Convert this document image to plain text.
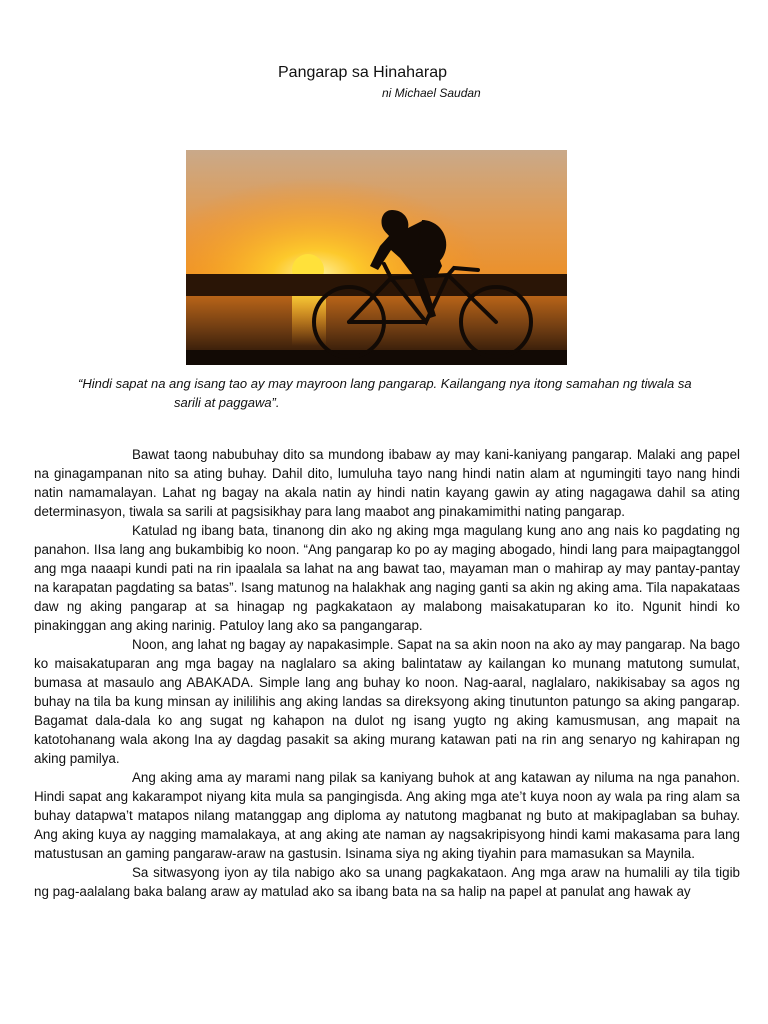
Pangarap sa Hinaharap
ni Michael Saudan
“Hindi sapat na ang isang tao ay may mayroon lang pangarap. Kailangang nya itong samahan ng tiwala sa
sarili at paggawa”.

Bawat taong nabubuhay dito sa mundong ibabaw ay may kani-kaniyang pangarap. Malaki ang papel na ginagampanan nito sa ating buhay. Dahil dito, lumuluha tayo nang hindi natin alam at ngumingiti tayo nang hindi natin namamalayan. Lahat ng bagay na akala natin ay hindi natin kayang gawin ay ating nagagawa dahil sa ating determinasyon, tiwala sa sarili at pagsisikhay para lang maabot ang pinakamimithi nating pangarap.

Katulad ng ibang bata, tinanong din ako ng aking mga magulang kung ano ang nais ko pagdating ng panahon. IIsa lang ang bukambibig ko noon. “Ang pangarap ko po ay maging abogado, hindi lang para maipagtanggol ang mga naaapi kundi pati na rin ipaalala sa lahat na ang bawat tao, mayaman man o mahirap ay may pantay-pantay na karapatan pagdating sa batas”. Isang matunog na halakhak ang naging ganti sa akin ng aking ama. Tila napakataas daw ng aking pangarap at sa hinagap ng pagkakataon ay malabong maisakatuparan ko ito. Ngunit hindi ko pinakinggan ang aking narinig. Patuloy lang ako sa pangangarap.

Noon, ang lahat ng bagay ay napakasimple. Sapat na sa akin noon na ako ay may pangarap. Na bago ko maisakatuparan ang mga bagay na naglalaro sa aking balintataw ay kailangan ko munang matutong sumulat, bumasa at masaulo ang ABAKADA. Simple lang ang buhay ko noon. Nag-aaral, naglalaro, nakikisabay sa agos ng buhay na tila ba kung minsan ay inililihis ang aking landas sa direksyong aking tinutunton patungo sa aking pangarap. Bagamat dala-dala ko ang sugat ng kahapon na dulot ng isang yugto ng aking kamusmusan, ang mapait na katotohanang wala akong Ina ay dagdag pasakit sa aking murang katawan pati na rin ang senaryo ng kahirapan ng aking pamilya.

Ang aking ama ay marami nang pilak sa kaniyang buhok at ang katawan ay niluma na nga panahon. Hindi sapat ang kakarampot niyang kita mula sa pangingisda. Ang aking mga ate’t kuya noon ay wala pa ring alam sa buhay datapwa’t matapos nilang matanggap ang diploma ay natutong magbanat ng buto at makipaglaban sa buhay. Ang aking kuya ay nagging mamalakaya, at ang aking ate naman ay nagsakripisyong hindi kami makasama para lang matustusan an gaming pangaraw-araw na gastusin. Isinama siya ng aking tiyahin para mamasukan sa Maynila.

Sa sitwasyong iyon ay tila nabigo ako sa unang pagkakataon. Ang mga araw na humalili ay tila tigib ng pag-aalalang baka balang araw ay matulad ako sa ibang bata na sa halip na papel at panulat ang hawak ay
